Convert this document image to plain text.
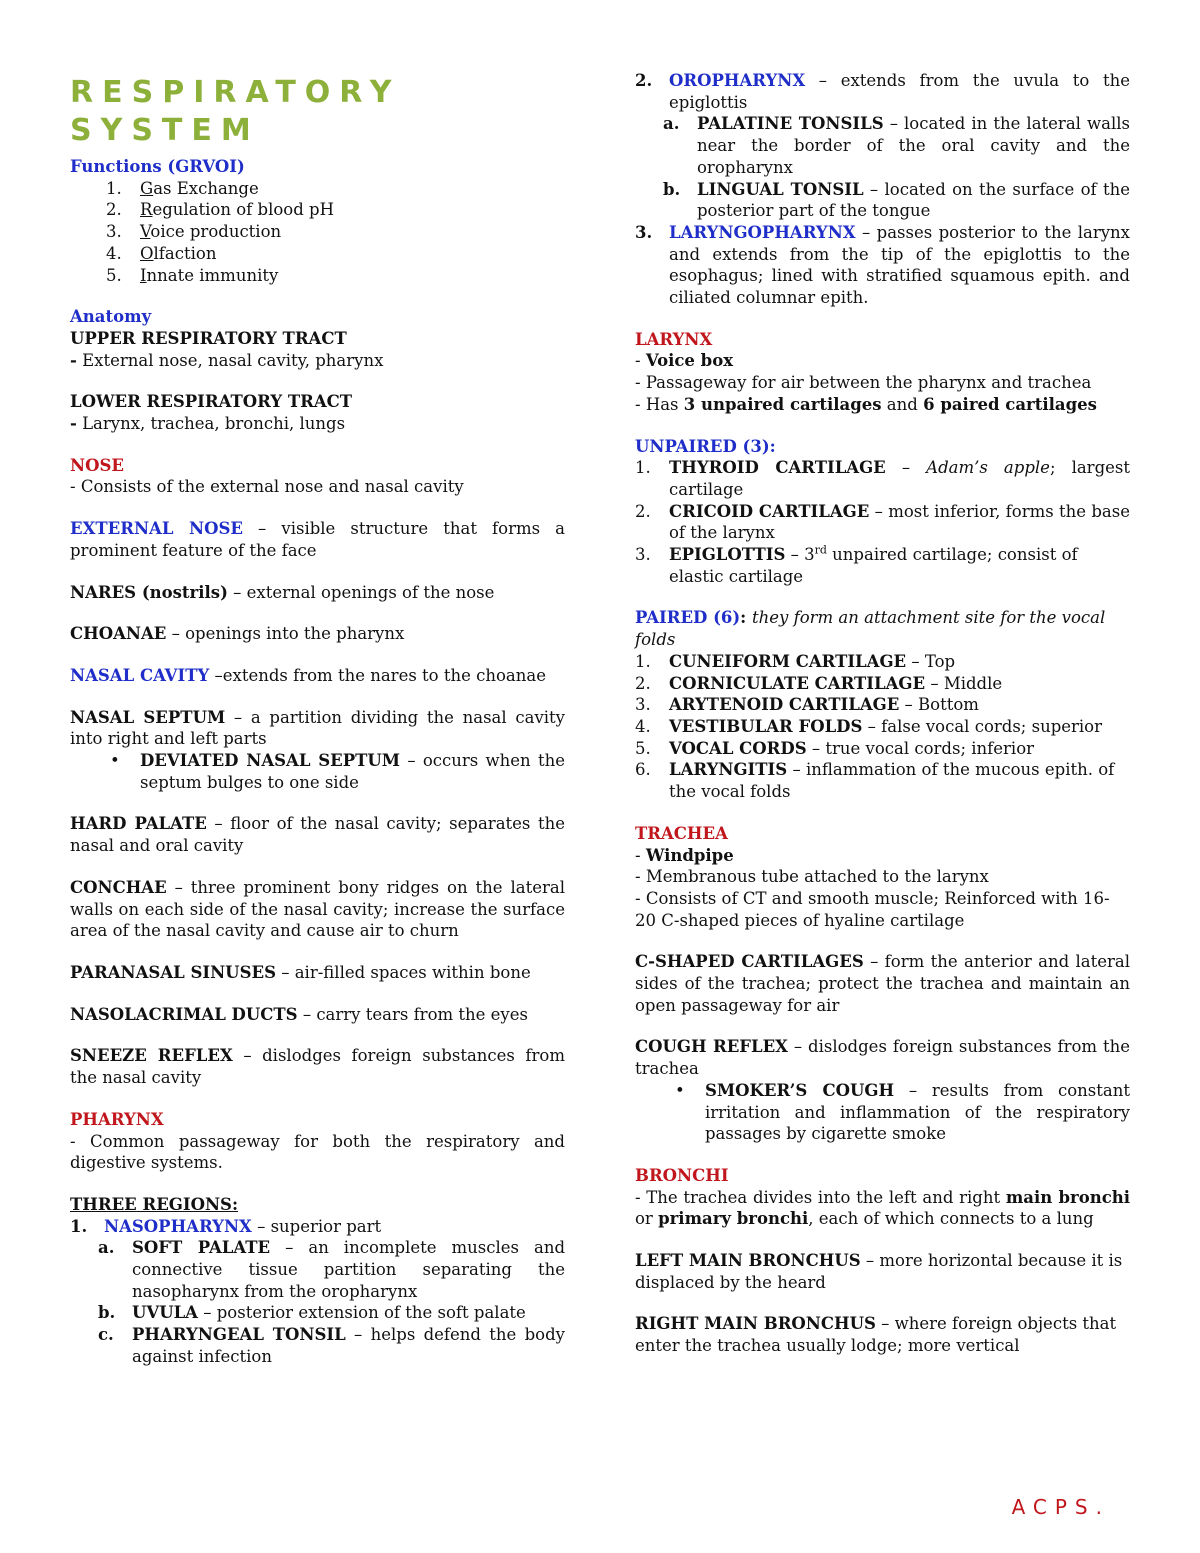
RESPIRATORY SYSTEM
Functions (GRVOI)
1.	Gas Exchange
2.	Regulation of blood pH
3.	Voice production
4.	Olfaction
5.	Innate immunity
Anatomy
UPPER RESPIRATORY TRACT
- External nose, nasal cavity, pharynx
LOWER RESPIRATORY TRACT
- Larynx, trachea, bronchi, lungs
NOSE
- Consists of the external nose and nasal cavity
EXTERNAL NOSE – visible structure that forms a prominent feature of the face
NARES (nostrils) – external openings of the nose
CHOANAE – openings into the pharynx
NASAL CAVITY –extends from the nares to the choanae
NASAL SEPTUM – a partition dividing the nasal cavity into right and left parts
•	DEVIATED NASAL SEPTUM – occurs when the septum bulges to one side
HARD PALATE – floor of the nasal cavity; separates the nasal and oral cavity
CONCHAE – three prominent bony ridges on the lateral walls on each side of the nasal cavity; increase the surface area of the nasal cavity and cause air to churn
PARANASAL SINUSES – air-filled spaces within bone
NASOLACRIMAL DUCTS – carry tears from the eyes
SNEEZE REFLEX – dislodges foreign substances from the nasal cavity
PHARYNX
- Common passageway for both the respiratory and digestive systems.
THREE REGIONS:
1.	NASOPHARYNX – superior part
a.	SOFT PALATE – an incomplete muscles and connective tissue partition separating the nasopharynx from the oropharynx
b.	UVULA – posterior extension of the soft palate
c.	PHARYNGEAL TONSIL – helps defend the body against infection
2.	OROPHARYNX – extends from the uvula to the epiglottis
a.	PALATINE TONSILS – located in the lateral walls near the border of the oral cavity and the oropharynx
b.	LINGUAL TONSIL – located on the surface of the posterior part of the tongue
3.	LARYNGOPHARYNX – passes posterior to the larynx and extends from the tip of the epiglottis to the esophagus; lined with stratified squamous epith. and ciliated columnar epith.
LARYNX
- Voice box
- Passageway for air between the pharynx and trachea
- Has 3 unpaired cartilages and 6 paired cartilages
UNPAIRED (3):
1.	THYROID CARTILAGE – Adam’s apple; largest cartilage
2.	CRICOID CARTILAGE – most inferior, forms the base of the larynx
3.	EPIGLOTTIS – 3rd unpaired cartilage; consist of elastic cartilage
PAIRED (6): they form an attachment site for the vocal folds
1.	CUNEIFORM CARTILAGE – Top
2.	CORNICULATE CARTILAGE – Middle
3.	ARYTENOID CARTILAGE – Bottom
4.	VESTIBULAR FOLDS – false vocal cords; superior
5.	VOCAL CORDS – true vocal cords; inferior
6.	LARYNGITIS – inflammation of the mucous epith. of the vocal folds
TRACHEA
- Windpipe
- Membranous tube attached to the larynx
- Consists of CT and smooth muscle; Reinforced with 16-20 C-shaped pieces of hyaline cartilage
C-SHAPED CARTILAGES – form the anterior and lateral sides of the trachea; protect the trachea and maintain an open passageway for air
COUGH REFLEX – dislodges foreign substances from the trachea
•	SMOKER’S COUGH – results from constant irritation and inflammation of the respiratory passages by cigarette smoke
BRONCHI
- The trachea divides into the left and right main bronchi or primary bronchi, each of which connects to a lung
LEFT MAIN BRONCHUS – more horizontal because it is displaced by the heard
RIGHT MAIN BRONCHUS – where foreign objects that enter the trachea usually lodge; more vertical
ACPS.
